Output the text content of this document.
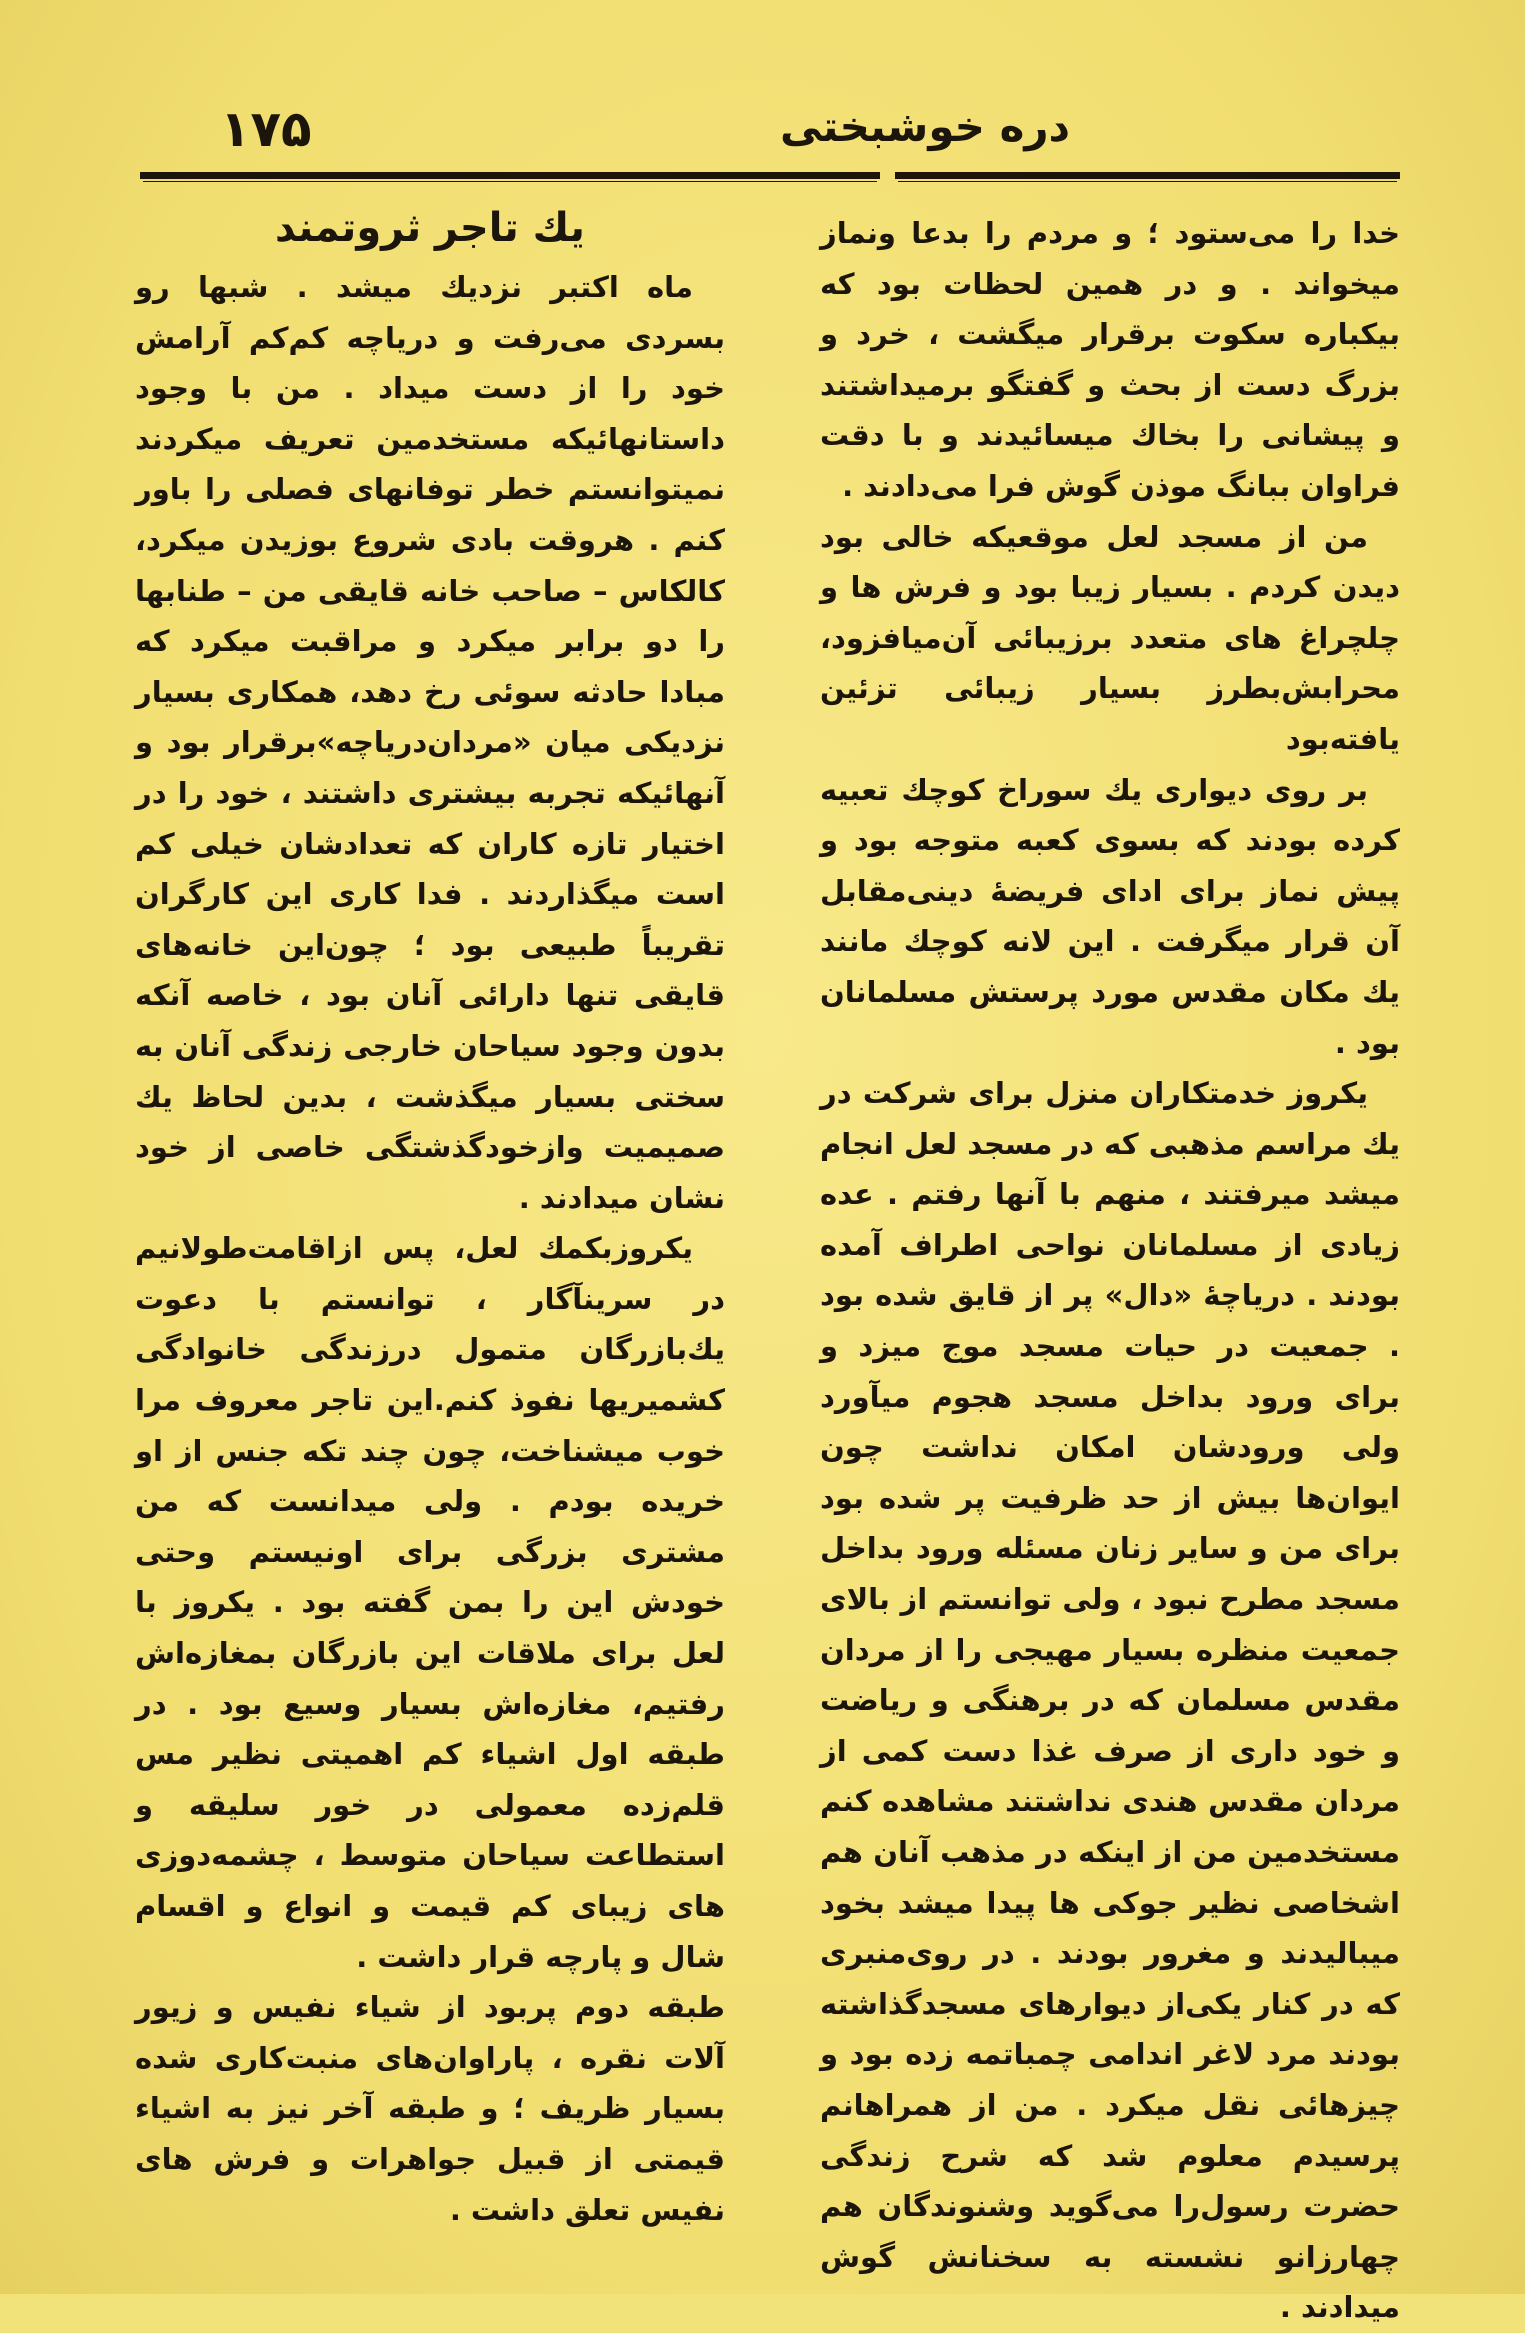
۱۷۵	دره خوشبختی

خدا را می‌ستود ؛ و مردم را بدعا ونماز میخواند . و در همین لحظات بود که بیکباره سکوت برقرار میگشت ، خرد و بزرگ دست از بحث و گفتگو برمیداشتند و پیشانی را بخاك میسائیدند و با دقت فراوان ببانگ موذن گوش فرا می‌دادند .

من از مسجد لعل موقعیکه خالی بود دیدن کردم . بسیار زیبا بود و فرش ها و چلچراغ های متعدد برزیبائی آن‌میافزود، محرابش‌بطرز بسیار زیبائی تزئین یافته‌بود

بر روی دیواری یك سوراخ کوچك تعبیه کرده بودند که بسوی کعبه متوجه بود و پیش نماز برای ادای فریضهٔ دینی‌مقابل آن قرار میگرفت . این لانه کوچك مانند یك مکان مقدس مورد پرستش مسلمانان بود .

یکروز خدمتکاران منزل برای شرکت در یك مراسم مذهبی که در مسجد لعل انجام میشد میرفتند ، منهم با آنها رفتم . عده زیادی از مسلمانان نواحی اطراف آمده بودند . دریاچهٔ «دال» پر از قایق شده بود . جمعیت در حیات مسجد موج میزد و برای ورود بداخل مسجد هجوم میآورد ولی ورودشان امکان نداشت چون ایوان‌ها بیش از حد ظرفیت پر شده بود برای من و سایر زنان مسئله ورود بداخل مسجد مطرح نبود ، ولی توانستم از بالای جمعیت منظره بسیار مهیجی را از مردان مقدس مسلمان که در برهنگی و ریاضت و خود داری از صرف غذا دست کمی از مردان مقدس هندی نداشتند مشاهده کنم مستخدمین من از اینکه در مذهب آنان هم اشخاصی نظیر جوکی ها پیدا میشد بخود میبالیدند و مغرور بودند . در روی‌منبری که در کنار یکی‌از دیوارهای مسجدگذاشته بودند مرد لاغر اندامی چمباتمه زده بود و چیزهائی نقل میکرد . من از همراهانم پرسیدم معلوم شد که شرح زندگی حضرت رسول‌را می‌گوید وشنوندگان هم چهارزانو نشسته به سخنانش گوش میدادند .

یك تاجر ثروتمند

ماه اکتبر نزدیك میشد . شبها رو بسردی می‌رفت و دریاچه کم‌کم آرامش خود را از دست میداد . من با وجود داستانهائیکه مستخدمین تعریف میکردند نمیتوانستم خطر توفانهای فصلی را باور کنم . هروقت بادی شروع بوزیدن میکرد، کالکاس – صاحب خانه قایقی من – طنابها را دو برابر میکرد و مراقبت میکرد که مبادا حادثه سوئی رخ دهد، همکاری بسیار نزدیکی میان «مردان‌دریاچه»برقرار بود و آنهائیکه تجربه بیشتری داشتند ، خود را در اختیار تازه کاران که تعدادشان خیلی کم است میگذاردند . فدا کاری این کارگران تقریباً طبیعی بود ؛ چون‌این خانه‌های قایقی تنها دارائی آنان بود ، خاصه آنکه بدون وجود سیاحان خارجی زندگی آنان به سختی بسیار میگذشت ، بدین لحاظ یك صمیمیت وازخودگذشتگی خاصی از خود نشان میدادند .

یکروزبکمك لعل، پس ازاقامت‌طولانیم در سرینآگار ، توانستم با دعوت یك‌بازرگان متمول درزندگی خانوادگی کشمیریها نفوذ کنم.این تاجر معروف مرا خوب میشناخت، چون چند تکه جنس از او خریده بودم . ولی میدانست که من مشتری بزرگی برای اونیستم وحتی خودش این را بمن گفته بود . یکروز با لعل برای ملاقات این بازرگان بمغازه‌اش رفتیم، مغازه‌اش بسیار وسیع بود . در طبقه اول اشیاء کم اهمیتی نظیر مس قلم‌زده معمولی در خور سلیقه و استطاعت سیاحان متوسط ، چشمه‌دوزی های زیبای کم قیمت و انواع و اقسام شال و پارچه قرار داشت .

طبقه دوم پربود از شیاء نفیس و زیور آلات نقره ، پاراوان‌های منبت‌کاری شده بسیار ظریف ؛ و طبقه آخر نیز به اشیاء قیمتی از قبیل جواهرات و فرش های نفیس تعلق داشت .
